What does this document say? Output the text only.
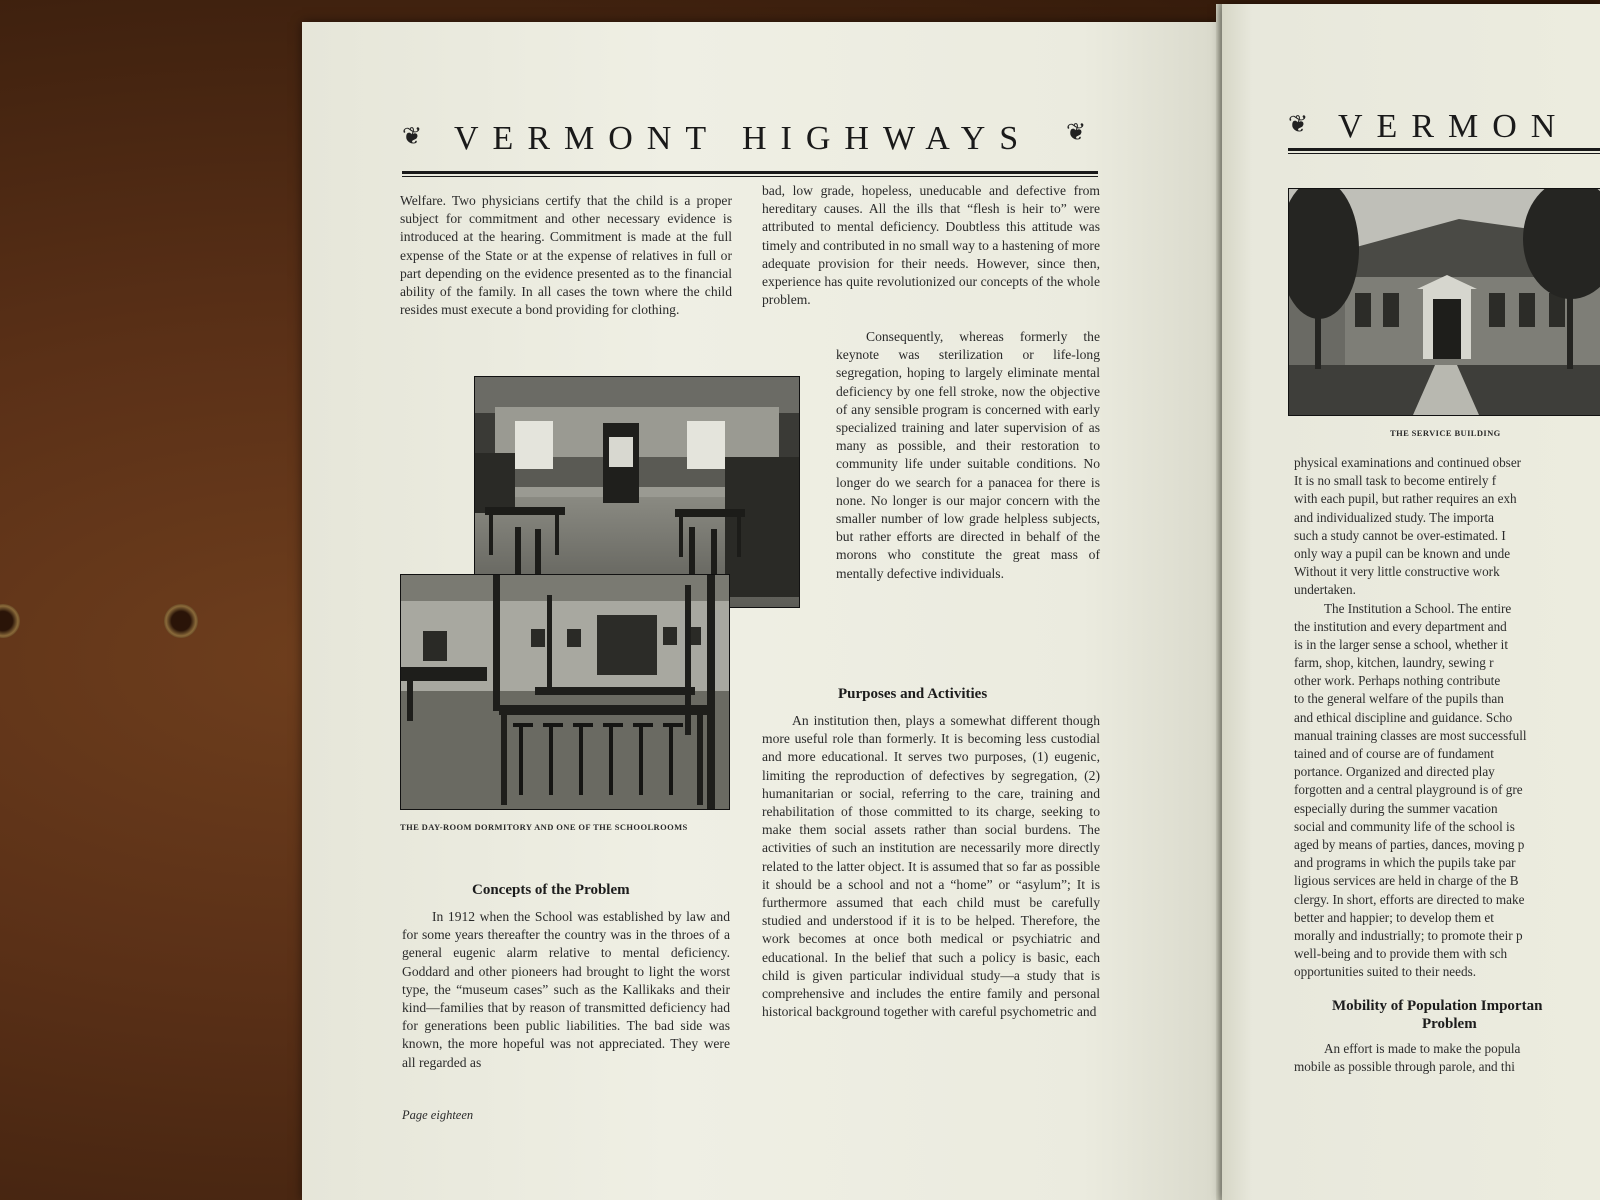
❦ VERMONT HIGHWAYS ❦

Welfare. Two physicians certify that the child is a proper subject for commitment and other necessary evidence is introduced at the hearing. Commitment is made at the full expense of the State or at the expense of relatives in full or part depending on the evidence presented as to the financial ability of the family. In all cases the town where the child resides must execute a bond providing for clothing.

THE DAY-ROOM DORMITORY AND ONE OF THE SCHOOLROOMS
Concepts of the Problem

In 1912 when the School was established by law and for some years thereafter the country was in the throes of a general eugenic alarm relative to mental deficiency. Goddard and other pioneers had brought to light the worst type, the “museum cases” such as the Kallikaks and their kind—families that by reason of transmitted deficiency had for generations been public liabilities. The bad side was known, the more hopeful was not appreciated. They were all regarded as

bad, low grade, hopeless, uneducable and defective from hereditary causes. All the ills that “flesh is heir to” were attributed to mental deficiency. Doubtless this attitude was timely and contributed in no small way to a hastening of more adequate provision for their needs. However, since then, experience has quite revolutionized our concepts of the whole problem.

Consequently, whereas formerly the keynote was sterilization or life-long segregation, hoping to largely eliminate mental deficiency by one fell stroke, now the objective of any sensible program is concerned with early specialized training and later supervision of as many as possible, and their restoration to community life under suitable conditions. No longer do we search for a panacea for there is none. No longer is our major concern with the smaller number of low grade helpless subjects, but rather efforts are directed in behalf of the morons who constitute the great mass of mentally defective individuals.

Purposes and Activities

An institution then, plays a somewhat different though more useful role than formerly. It is becoming less custodial and more educational. It serves two purposes, (1) eugenic, limiting the reproduction of defectives by segregation, (2) humanitarian or social, referring to the care, training and rehabilitation of those committed to its charge, seeking to make them social assets rather than social burdens. The activities of such an institution are necessarily more directly related to the latter object. It is assumed that so far as possible it should be a school and not a “home” or “asylum”; It is furthermore assumed that each child must be carefully studied and understood if it is to be helped. Therefore, the work becomes at once both medical or psychiatric and educational. In the belief that such a policy is basic, each child is given particular individual study—a study that is comprehensive and includes the entire family and personal historical background together with careful psychometric and

Page eighteen
❦ VERMON
THE SERVICE BUILDING
physical examinations and continued obser
It is no small task to become entirely f
with each pupil, but rather requires an exh
and individualized study. The importa
such a study cannot be over-estimated. I
only way a pupil can be known and unde
Without it very little constructive work
undertaken.
The Institution a School. The entire
the institution and every department and
is in the larger sense a school, whether it
farm, shop, kitchen, laundry, sewing r
other work. Perhaps nothing contribute
to the general welfare of the pupils than
and ethical discipline and guidance. Scho
manual training classes are most successfull
tained and of course are of fundament
portance. Organized and directed play
forgotten and a central playground is of gre
especially during the summer vacation
social and community life of the school is
aged by means of parties, dances, moving p
and programs in which the pupils take par
ligious services are held in charge of the B
clergy. In short, efforts are directed to make
better and happier; to develop them et
morally and industrially; to promote their p
well-being and to provide them with sch
opportunities suited to their needs.
Mobility of Population Importan
Problem
An effort is made to make the popula
mobile as possible through parole, and thi
